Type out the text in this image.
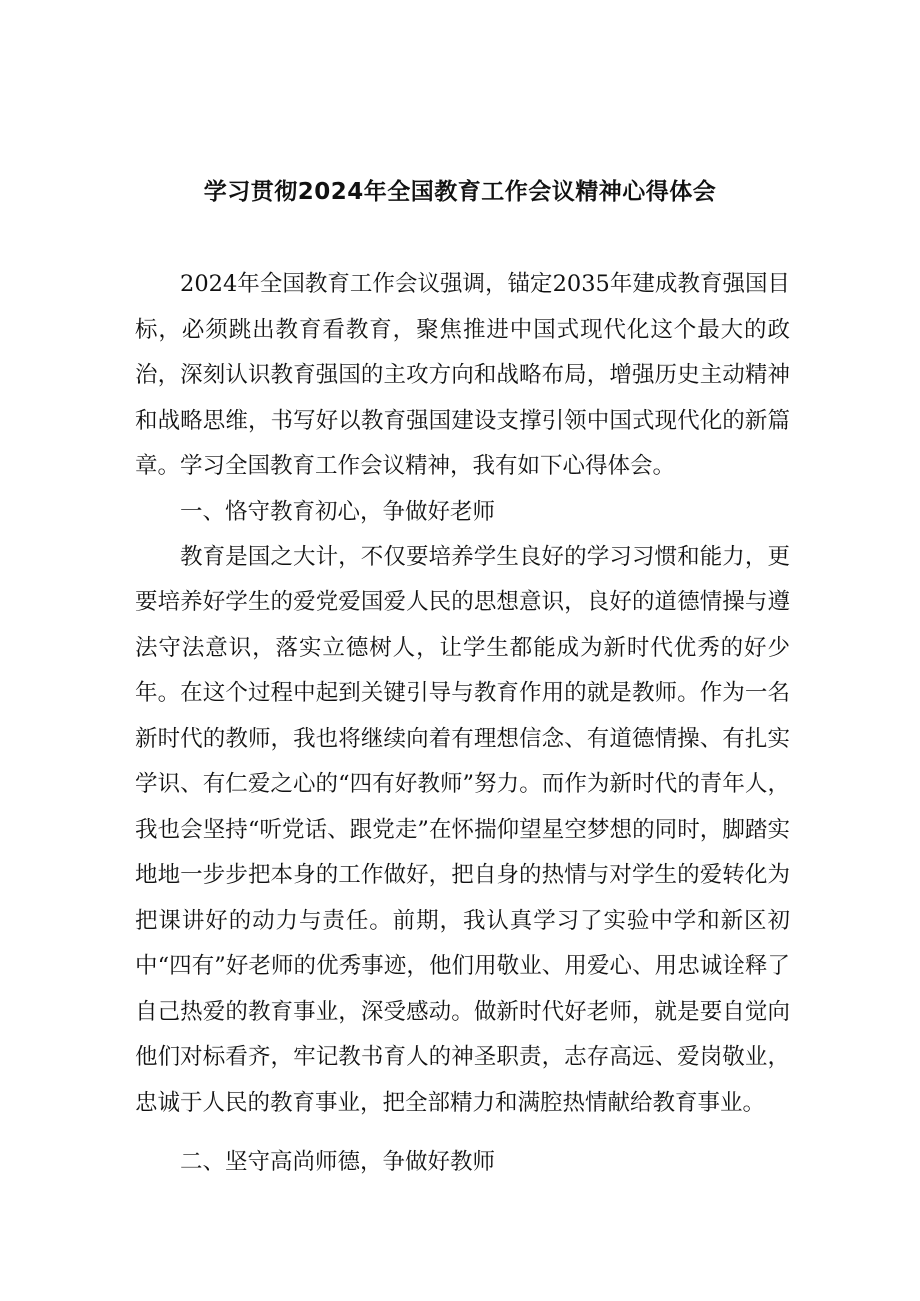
学习贯彻2024年全国教育工作会议精神心得体会

2024年全国教育工作会议强调，锚定2035年建成教育强国目标，必须跳出教育看教育，聚焦推进中国式现代化这个最大的政治，深刻认识教育强国的主攻方向和战略布局，增强历史主动精神和战略思维，书写好以教育强国建设支撑引领中国式现代化的新篇章。学习全国教育工作会议精神，我有如下心得体会。

一、恪守教育初心，争做好老师

教育是国之大计，不仅要培养学生良好的学习习惯和能力，更要培养好学生的爱党爱国爱人民的思想意识，良好的道德情操与遵法守法意识，落实立德树人，让学生都能成为新时代优秀的好少年。在这个过程中起到关键引导与教育作用的就是教师。作为一名新时代的教师，我也将继续向着有理想信念、有道德情操、有扎实学识、有仁爱之心的“四有好教师”努力。而作为新时代的青年人，我也会坚持“听党话、跟党走”在怀揣仰望星空梦想的同时，脚踏实地地一步步把本身的工作做好，把自身的热情与对学生的爱转化为把课讲好的动力与责任。前期，我认真学习了实验中学和新区初中“四有”好老师的优秀事迹，他们用敬业、用爱心、用忠诚诠释了自己热爱的教育事业，深受感动。做新时代好老师，就是要自觉向他们对标看齐，牢记教书育人的神圣职责，志存高远、爱岗敬业，忠诚于人民的教育事业，把全部精力和满腔热情献给教育事业。

二、坚守高尚师德，争做好教师
